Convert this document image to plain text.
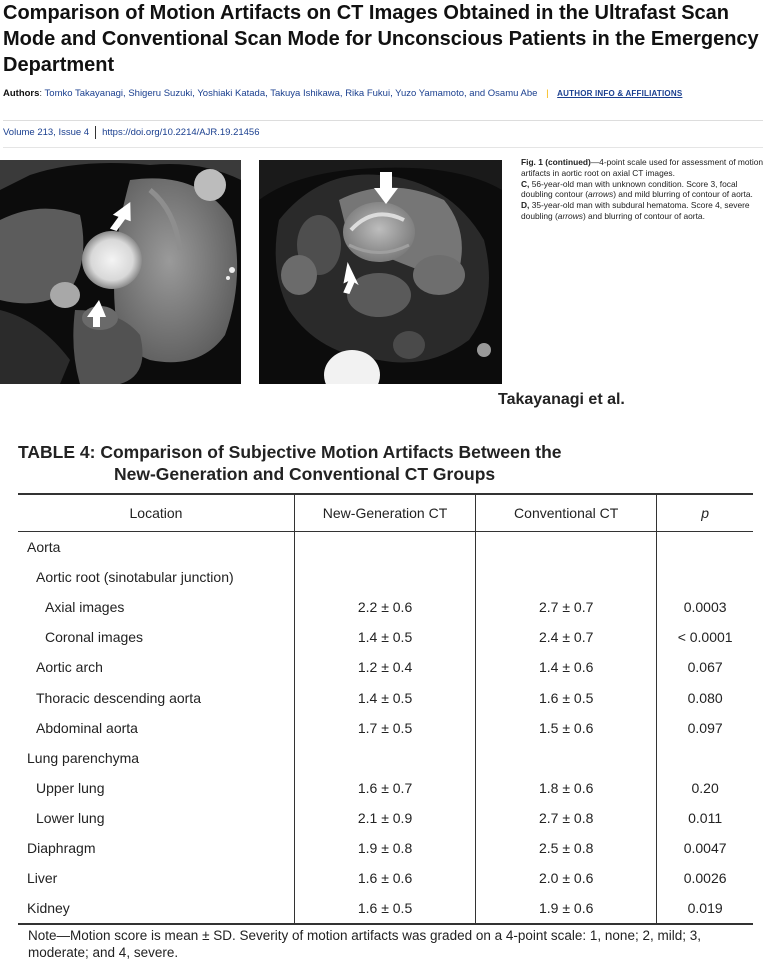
Comparison of Motion Artifacts on CT Images Obtained in the Ultrafast Scan Mode and Conventional Scan Mode for Unconscious Patients in the Emergency Department
Authors: Tomko Takayanagi, Shigeru Suzuki, Yoshiaki Katada, Takuya Ishikawa, Rika Fukui, Yuzo Yamamoto, and Osamu Abe | AUTHOR INFO & AFFILIATIONS
Volume 213, Issue 4 https://doi.org/10.2214/AJR.19.21456
Fig. 1 (continued)—4-point scale used for assessment of motion artifacts in aortic root on axial CT images.
C, 56-year-old man with unknown condition. Score 3, focal doubling contour (arrows) and mild blurring of contour of aorta.
D, 35-year-old man with subdural hematoma. Score 4, severe doubling (arrows) and blurring of contour of aorta.
Takayanagi et al.
TABLE 4: Comparison of Subjective Motion Artifacts Between the
New-Generation and Conventional CT Groups
Location	New-Generation CT	Conventional CT	p
Aorta			
Aortic root (sinotabular junction)			
Axial images	2.2 ± 0.6	2.7 ± 0.7	0.0003
Coronal images	1.4 ± 0.5	2.4 ± 0.7	< 0.0001
Aortic arch	1.2 ± 0.4	1.4 ± 0.6	0.067
Thoracic descending aorta	1.4 ± 0.5	1.6 ± 0.5	0.080
Abdominal aorta	1.7 ± 0.5	1.5 ± 0.6	0.097
Lung parenchyma			
Upper lung	1.6 ± 0.7	1.8 ± 0.6	0.20
Lower lung	2.1 ± 0.9	2.7 ± 0.8	0.011
Diaphragm	1.9 ± 0.8	2.5 ± 0.8	0.0047
Liver	1.6 ± 0.6	2.0 ± 0.6	0.0026
Kidney	1.6 ± 0.5	1.9 ± 0.6	0.019
Note—Motion score is mean ± SD. Severity of motion artifacts was graded on a 4-point scale: 1, none; 2, mild; 3, moderate; and 4, severe.
